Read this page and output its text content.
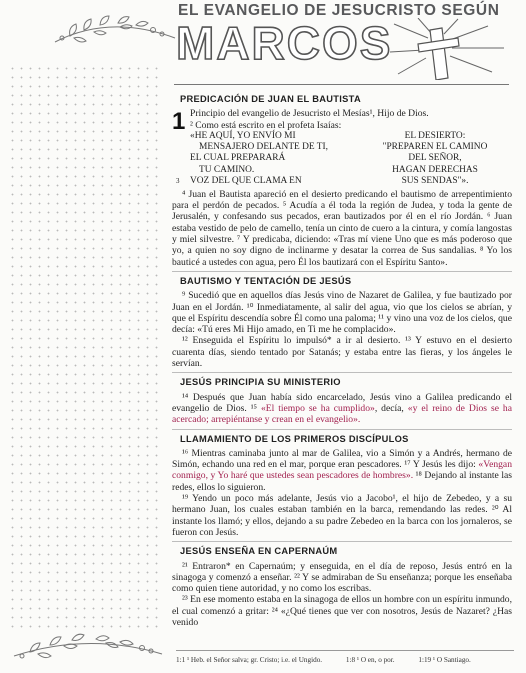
EL EVANGELIO DE JESUCRISTO SEGÚN
MARCOS
PREDICACIÓN DE JUAN EL BAUTISTA
1 Principio del evangelio de Jesucristo el Mesías¹, Hijo de Dios.

² Como está escrito en el profeta Isaías:

«HE AQUÍ, YO ENVÍO MI
MENSAJERO DELANTE DE TI,
EL CUAL PREPARARÁ
TU CAMINO.
VOZ DEL QUE CLAMA EN
3
EL DESIERTO:
"PREPAREN EL CAMINO
DEL SEÑOR,
HAGAN DERECHAS
SUS SENDAS"».

⁴ Juan el Bautista apareció en el desierto predicando el bautismo de arrepentimiento para el perdón de pecados. ⁵ Acudía a él toda la región de Judea, y toda la gente de Jerusalén, y confesando sus pecados, eran bautizados por él en el río Jordán. ⁶ Juan estaba vestido de pelo de camello, tenía un cinto de cuero a la cintura, y comía langostas y miel silvestre. ⁷ Y predicaba, diciendo: «Tras mí viene Uno que es más poderoso que yo, a quien no soy digno de inclinarme y desatar la correa de Sus sandalias. ⁸ Yo los bauticé a ustedes con agua, pero Él los bautizará con el Espíritu Santo».

BAUTISMO Y TENTACIÓN DE JESÚS

⁹ Sucedió que en aquellos días Jesús vino de Nazaret de Galilea, y fue bautizado por Juan en el Jordán. ¹⁰ Inmediatamente, al salir del agua, vio que los cielos se abrían, y que el Espíritu descendía sobre Él como una paloma; ¹¹ y vino una voz de los cielos, que decía: «Tú eres Mi Hijo amado, en Ti me he complacido».

¹² Enseguida el Espíritu lo impulsó* a ir al desierto. ¹³ Y estuvo en el desierto cuarenta días, siendo tentado por Satanás; y estaba entre las fieras, y los ángeles le servían.

JESÚS PRINCIPIA SU MINISTERIO

¹⁴ Después que Juan había sido encarcelado, Jesús vino a Galilea predicando el evangelio de Dios. ¹⁵ «El tiempo se ha cumplido», decía, «y el reino de Dios se ha acercado; arrepiéntanse y crean en el evangelio».

LLAMAMIENTO DE LOS PRIMEROS DISCÍPULOS

¹⁶ Mientras caminaba junto al mar de Galilea, vio a Simón y a Andrés, hermano de Simón, echando una red en el mar, porque eran pescadores. ¹⁷ Y Jesús les dijo: «Vengan conmigo, y Yo haré que ustedes sean pescadores de hombres». ¹⁸ Dejando al instante las redes, ellos lo siguieron.

¹⁹ Yendo un poco más adelante, Jesús vio a Jacobo¹, el hijo de Zebedeo, y a su hermano Juan, los cuales estaban también en la barca, remendando las redes. ²⁰ Al instante los llamó; y ellos, dejando a su padre Zebedeo en la barca con los jornaleros, se fueron con Jesús.

JESÚS ENSEÑA EN CAPERNAÚM

²¹ Entraron* en Capernaúm; y enseguida, en el día de reposo, Jesús entró en la sinagoga y comenzó a enseñar. ²² Y se admiraban de Su enseñanza; porque les enseñaba como quien tiene autoridad, y no como los escribas.

²³ En ese momento estaba en la sinagoga de ellos un hombre con un espíritu inmundo, el cual comenzó a gritar: ²⁴ «¿Qué tienes que ver con nosotros, Jesús de Nazaret? ¿Has venido

1:1 ¹ Heb. el Señor salva; gr. Cristo; i.e. el Ungido.	1:8 ¹ O en, o por.	1:19 ¹ O Santiago.
